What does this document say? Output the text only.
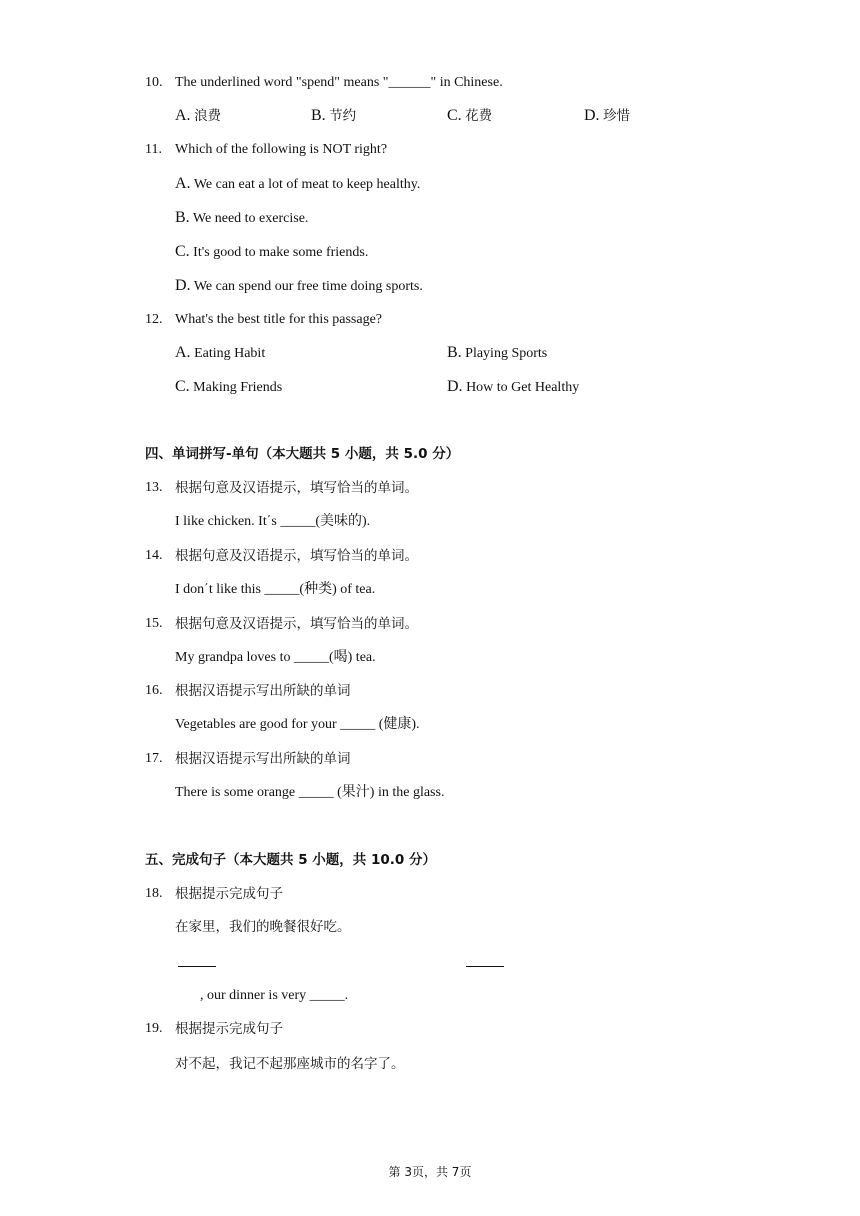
10. The underlined word "spend" means "______" in Chinese.
A. 浪费	B. 节约	C. 花费	D. 珍惜
11. Which of the following is NOT right?
A. We can eat a lot of meat to keep healthy.
B. We need to exercise.
C. It's good to make some friends.
D. We can spend our free time doing sports.
12. What's the best title for this passage?
A. Eating Habit	B. Playing Sports
C. Making Friends	D. How to Get Healthy
四、单词拼写-单句（本大题共 5 小题，共 5.0 分）
13. 根据句意及汉语提示，填写恰当的单词。
I like chicken. It΄s _____(美味的).
14. 根据句意及汉语提示，填写恰当的单词。
I don΄t like this _____(种类) of tea.
15. 根据句意及汉语提示，填写恰当的单词。
My grandpa loves to _____(喝) tea.
16. 根据汉语提示写出所缺的单词
Vegetables are good for your _____ (健康).
17. 根据汉语提示写出所缺的单词
There is some orange _____ (果汁) in the glass.
五、完成句子（本大题共 5 小题，共 10.0 分）
18. 根据提示完成句子
在家里，我们的晚餐很好吃。
, our dinner is very _____.
19. 根据提示完成句子
对不起，我记不起那座城市的名字了。
第 3页，共 7页
